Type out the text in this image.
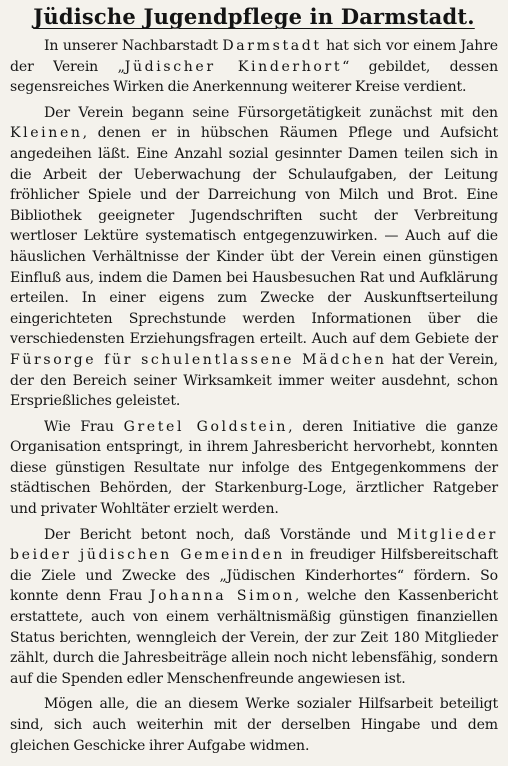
Jüdische Jugendpflege in Darmstadt.

In unserer Nachbarstadt Darmstadt hat sich vor einem Jahre der Verein „Jüdischer Kinderhort“ gebildet, dessen segensreiches Wirken die Anerkennung weiterer Kreise verdient.

Der Verein begann seine Fürsorgetätigkeit zunächst mit den Kleinen, denen er in hübschen Räumen Pflege und Aufsicht angedeihen läßt. Eine Anzahl sozial gesinnter Damen teilen sich in die Arbeit der Ueberwachung der Schulaufgaben, der Leitung fröhlicher Spiele und der Darreichung von Milch und Brot. Eine Bibliothek geeigneter Jugendschriften sucht der Verbreitung wertloser Lektüre systematisch entgegenzuwirken. — Auch auf die häuslichen Verhältnisse der Kinder übt der Verein einen günstigen Einfluß aus, indem die Damen bei Hausbesuchen Rat und Aufklärung erteilen. In einer eigens zum Zwecke der Auskunftserteilung eingerichteten Sprechstunde werden Informationen über die verschiedensten Erziehungsfragen erteilt. Auch auf dem Gebiete der Fürsorge für schulentlassene Mädchen hat der Verein, der den Bereich seiner Wirksamkeit immer weiter ausdehnt, schon Ersprießliches geleistet.

Wie Frau Gretel Goldstein, deren Initiative die ganze Organisation entspringt, in ihrem Jahresbericht hervorhebt, konnten diese günstigen Resultate nur infolge des Entgegenkommens der städtischen Behörden, der Starkenburg-Loge, ärztlicher Ratgeber und privater Wohltäter erzielt werden.

Der Bericht betont noch, daß Vorstände und Mitglieder beider jüdischen Gemeinden in freudiger Hilfsbereitschaft die Ziele und Zwecke des „Jüdischen Kinderhortes“ fördern. So konnte denn Frau Johanna Simon, welche den Kassenbericht erstattete, auch von einem verhältnismäßig günstigen finanziellen Status berichten, wenngleich der Verein, der zur Zeit 180 Mitglieder zählt, durch die Jahresbeiträge allein noch nicht lebensfähig, sondern auf die Spenden edler Menschenfreunde angewiesen ist.

Mögen alle, die an diesem Werke sozialer Hilfsarbeit beteiligt sind, sich auch weiterhin mit der derselben Hingabe und dem gleichen Geschicke ihrer Aufgabe widmen.
